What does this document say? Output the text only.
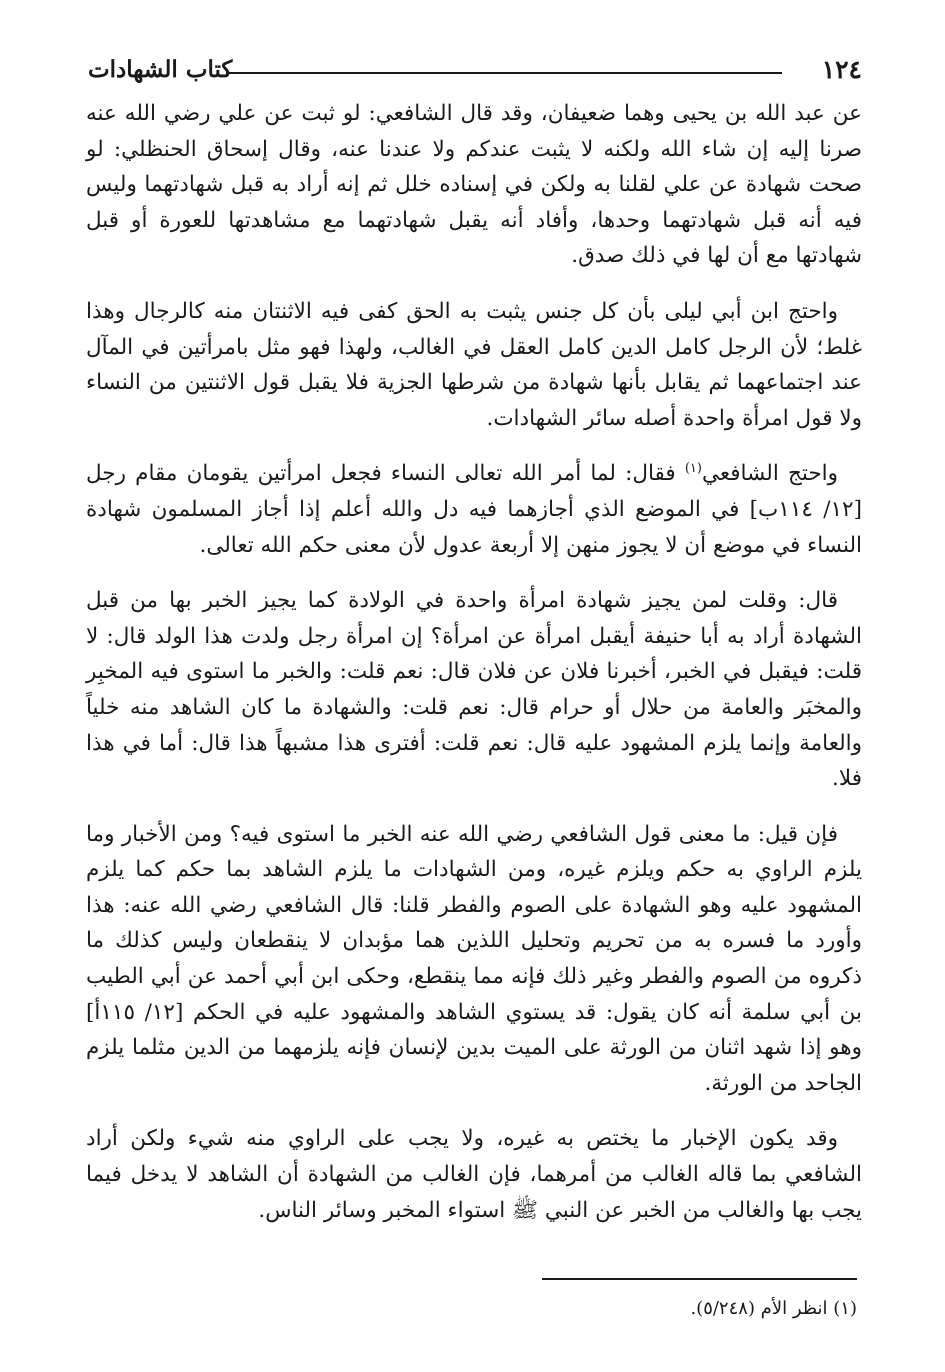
١٢٤
كتاب الشهادات

عن عبد الله بن يحيى وهما ضعيفان، وقد قال الشافعي: لو ثبت عن علي رضي الله عنه صرنا إليه إن شاء الله ولكنه لا يثبت عندكم ولا عندنا عنه، وقال إسحاق الحنظلي: لو صحت شهادة عن علي لقلنا به ولكن في إسناده خلل ثم إنه أراد به قبل شهادتهما وليس فيه أنه قبل شهادتهما وحدها، وأفاد أنه يقبل شهادتهما مع مشاهدتها للعورة أو قبل شهادتها مع أن لها في ذلك صدق.

واحتج ابن أبي ليلى بأن كل جنس يثبت به الحق كفى فيه الاثنتان منه كالرجال وهذا غلط؛ لأن الرجل كامل الدين كامل العقل في الغالب، ولهذا فهو مثل بامرأتين في المآل عند اجتماعهما ثم يقابل بأنها شهادة من شرطها الجزية فلا يقبل قول الاثنتين من النساء ولا قول امرأة واحدة أصله سائر الشهادات.

واحتج الشافعي$^{(١)}$ فقال: لما أمر الله تعالى النساء فجعل امرأتين يقومان مقام رجل [١٢/ ١١٤ب] في الموضع الذي أجازهما فيه دل والله أعلم إذا أجاز المسلمون شهادة النساء في موضع أن لا يجوز منهن إلا أربعة عدول لأن معنى حكم الله تعالى.

قال: وقلت لمن يجيز شهادة امرأة واحدة في الولادة كما يجيز الخبر بها من قبل الشهادة أراد به أبا حنيفة أيقبل امرأة عن امرأة؟ إن امرأة رجل ولدت هذا الولد قال: لا قلت: فيقبل في الخبر، أخبرنا فلان عن فلان قال: نعم قلت: والخبر ما استوى فيه المخبِر والمخبَر والعامة من حلال أو حرام قال: نعم قلت: والشهادة ما كان الشاهد منه خلياً والعامة وإنما يلزم المشهود عليه قال: نعم قلت: أفترى هذا مشبهاً هذا قال: أما في هذا فلا.

فإن قيل: ما معنى قول الشافعي رضي الله عنه الخبر ما استوى فيه؟ ومن الأخبار وما يلزم الراوي به حكم ويلزم غيره، ومن الشهادات ما يلزم الشاهد بما حكم كما يلزم المشهود عليه وهو الشهادة على الصوم والفطر قلنا: قال الشافعي رضي الله عنه: هذا وأورد ما فسره به من تحريم وتحليل اللذين هما مؤبدان لا ينقطعان وليس كذلك ما ذكروه من الصوم والفطر وغير ذلك فإنه مما ينقطع، وحكى ابن أبي أحمد عن أبي الطيب بن أبي سلمة أنه كان يقول: قد يستوي الشاهد والمشهود عليه في الحكم [١٢/ ١١٥أ] وهو إذا شهد اثنان من الورثة على الميت بدين لإنسان فإنه يلزمهما من الدين مثلما يلزم الجاحد من الورثة.

وقد يكون الإخبار ما يختص به غيره، ولا يجب على الراوي منه شيء ولكن أراد الشافعي بما قاله الغالب من أمرهما، فإن الغالب من الشهادة أن الشاهد لا يدخل فيما يجب بها والغالب من الخبر عن النبي ﷺ استواء المخبر وسائر الناس.

(١) انظر الأم (٥/٢٤٨).
